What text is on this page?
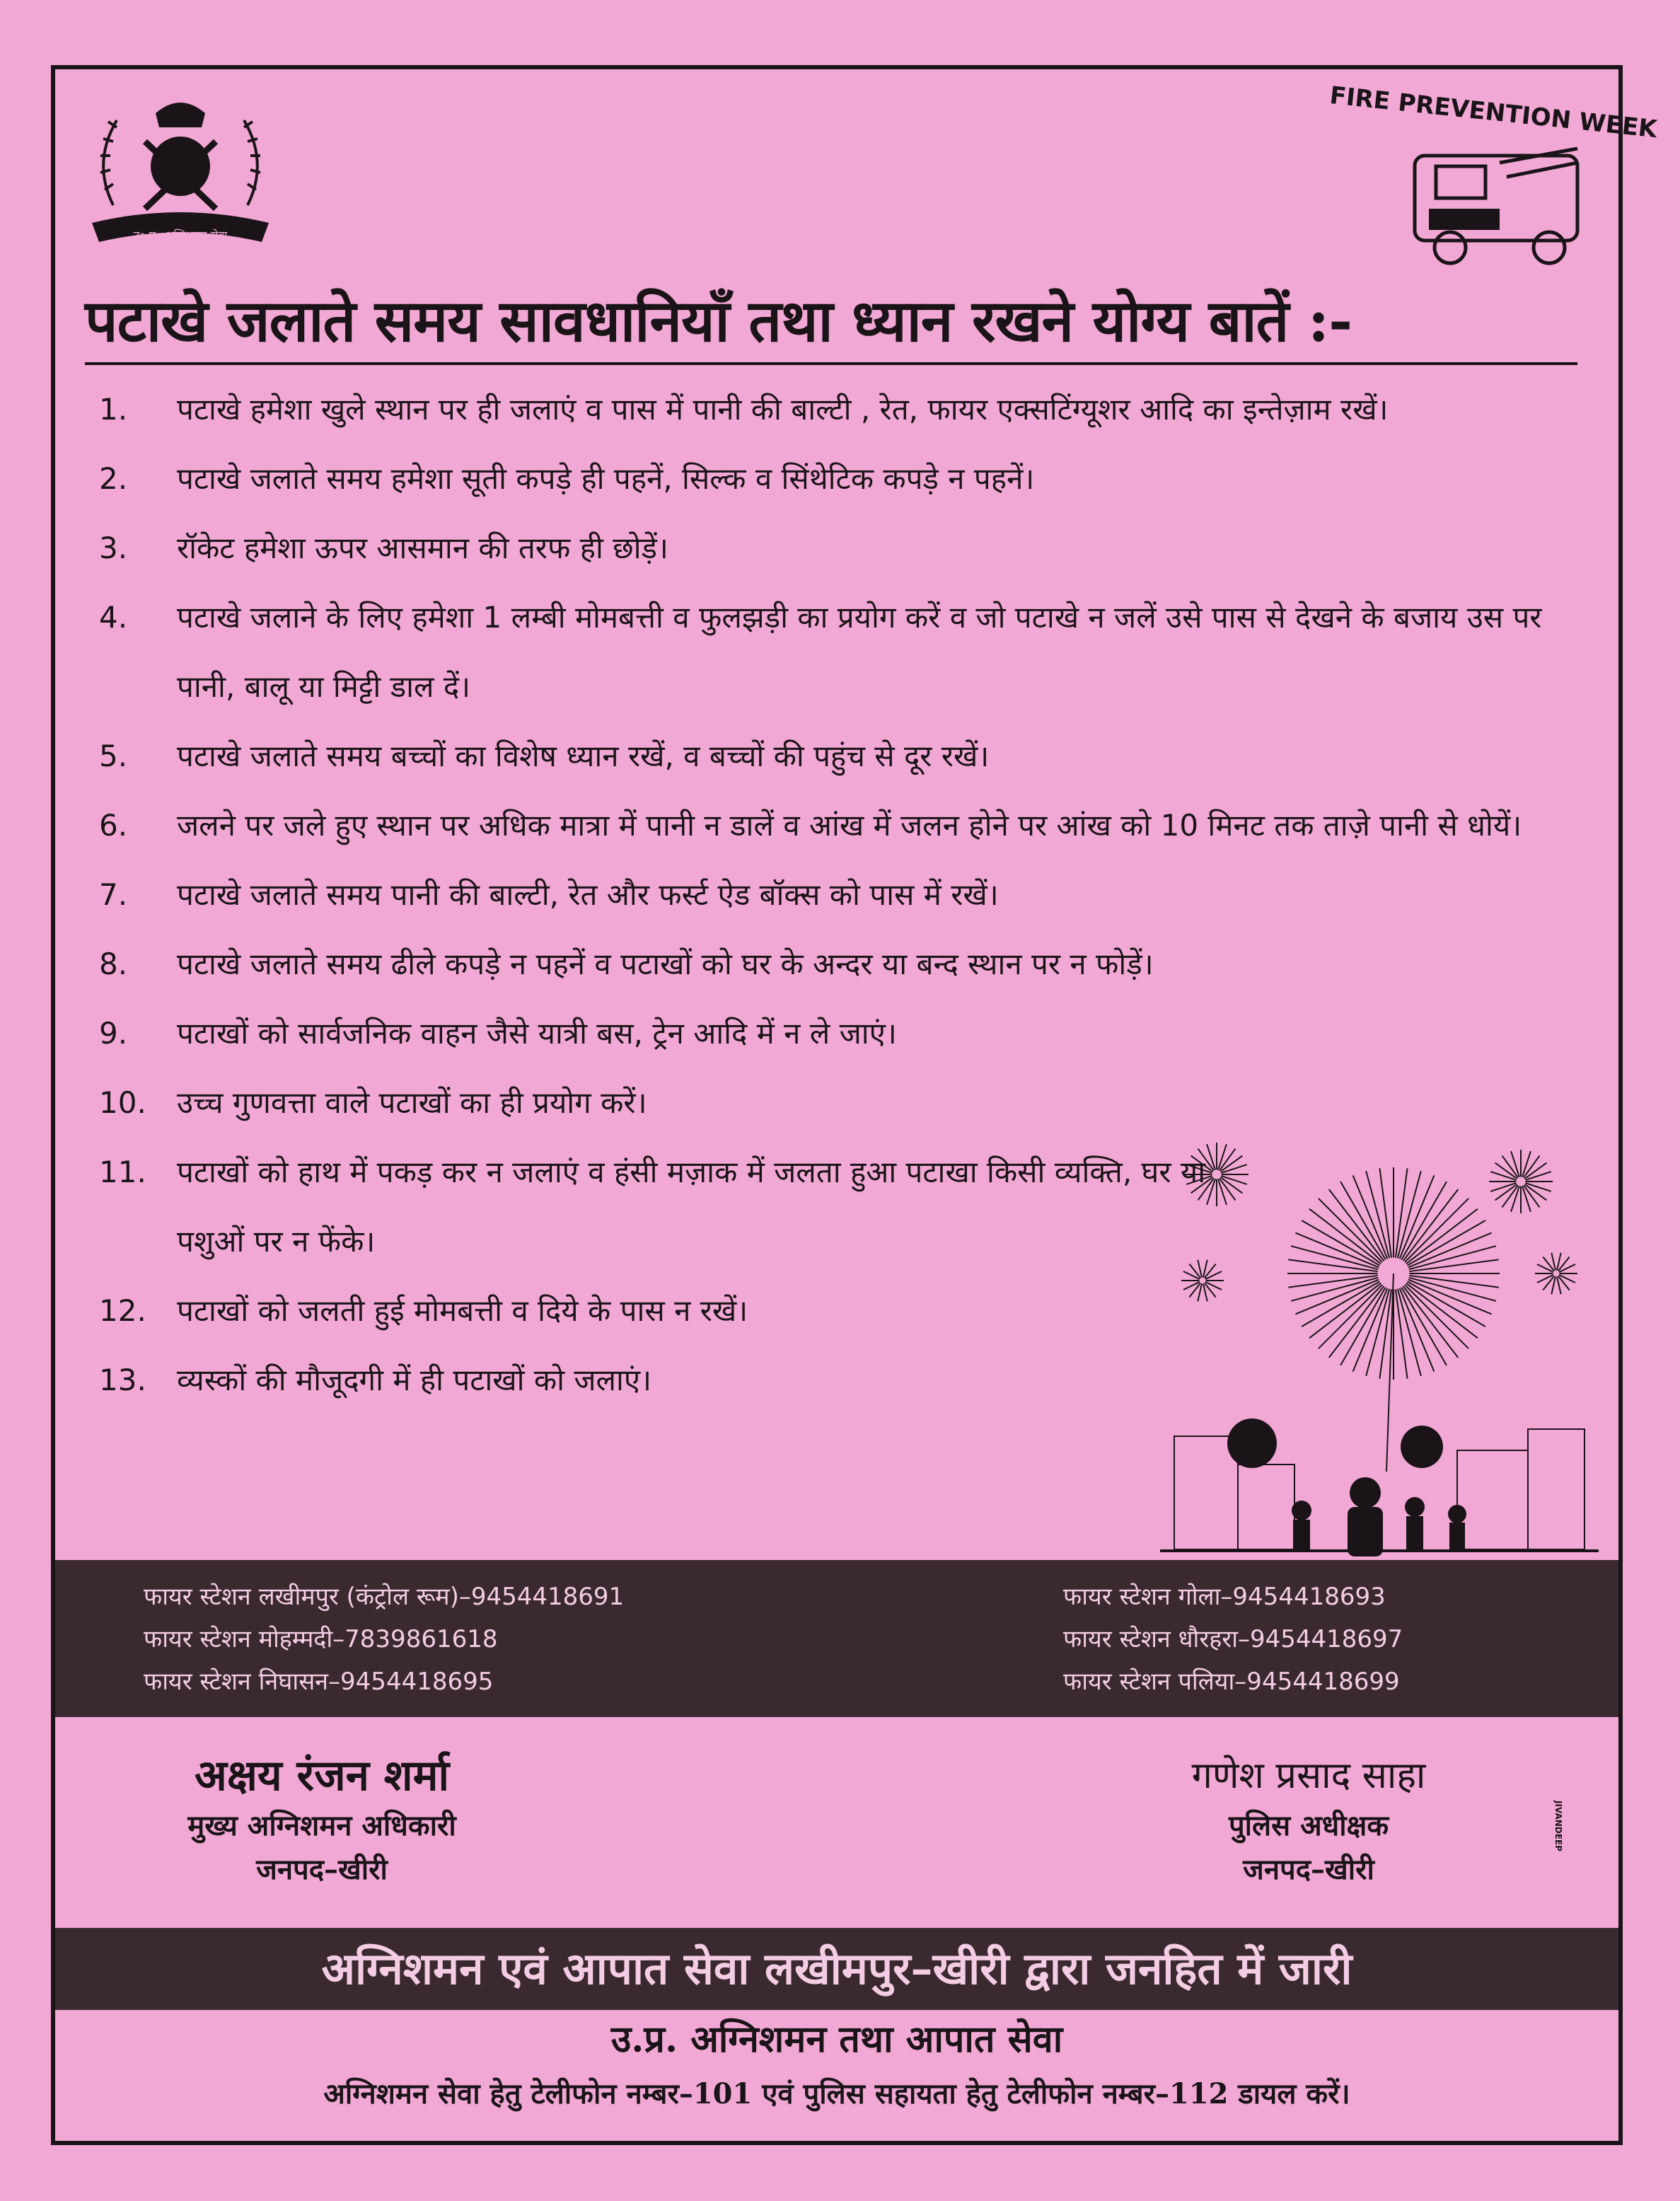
उ० प्र० अग्निशमन सेवा
FIRE PREVENTION WEEK
पटाखे जलाते समय सावधानियाँ तथा ध्यान रखने योग्य बातें :-
1.	पटाखे हमेशा खुले स्थान पर ही जलाएं व पास में पानी की बाल्टी , रेत, फायर एक्सटिंग्यूशर आदि का इन्तेज़ाम रखें।
2.	पटाखे जलाते समय हमेशा सूती कपड़े ही पहनें, सिल्क व सिंथेटिक कपड़े न पहनें।
3.	रॉकेट हमेशा ऊपर आसमान की तरफ ही छोड़ें।
4.	पटाखे जलाने के लिए हमेशा 1 लम्बी मोमबत्ती व फुलझड़ी का प्रयोग करें व जो पटाखे न जलें उसे पास से देखने के बजाय उस पर पानी, बालू या मिट्टी डाल दें।
5.	पटाखे जलाते समय बच्चों का विशेष ध्यान रखें, व बच्चों की पहुंच से दूर रखें।
6.	जलने पर जले हुए स्थान पर अधिक मात्रा में पानी न डालें व आंख में जलन होने पर आंख को 10 मिनट तक ताज़े पानी से धोयें।
7.	पटाखे जलाते समय पानी की बाल्टी, रेत और फर्स्ट ऐड बॉक्स को पास में रखें।
8.	पटाखे जलाते समय ढीले कपड़े न पहनें व पटाखों को घर के अन्दर या बन्द स्थान पर न फोड़ें।
9.	पटाखों को सार्वजनिक वाहन जैसे यात्री बस, ट्रेन आदि में न ले जाएं।
10.	उच्च गुणवत्ता वाले पटाखों का ही प्रयोग करें।
11.	पटाखों को हाथ में पकड़ कर न जलाएं व हंसी मज़ाक में जलता हुआ पटाखा किसी व्यक्ति, घर या पशुओं पर न फेंके।
12.	पटाखों को जलती हुई मोमबत्ती व दिये के पास न रखें।
13.	व्यस्कों की मौजूदगी में ही पटाखों को जलाएं।
फायर स्टेशन लखीमपुर (कंट्रोल रूम)–9454418691
फायर स्टेशन मोहम्मदी–7839861618
फायर स्टेशन निघासन–9454418695
फायर स्टेशन गोला–9454418693
फायर स्टेशन धौरहरा–9454418697
फायर स्टेशन पलिया–9454418699
अक्षय रंजन शर्मा
मुख्य अग्निशमन अधिकारी
जनपद–खीरी
गणेश प्रसाद साहा
पुलिस अधीक्षक
जनपद–खीरी
JIVANDEEP
अग्निशमन एवं आपात सेवा लखीमपुर–खीरी द्वारा जनहित में जारी
उ.प्र. अग्निशमन तथा आपात सेवा
अग्निशमन सेवा हेतु टेलीफोन नम्बर–101 एवं पुलिस सहायता हेतु टेलीफोन नम्बर–112 डायल करें।
